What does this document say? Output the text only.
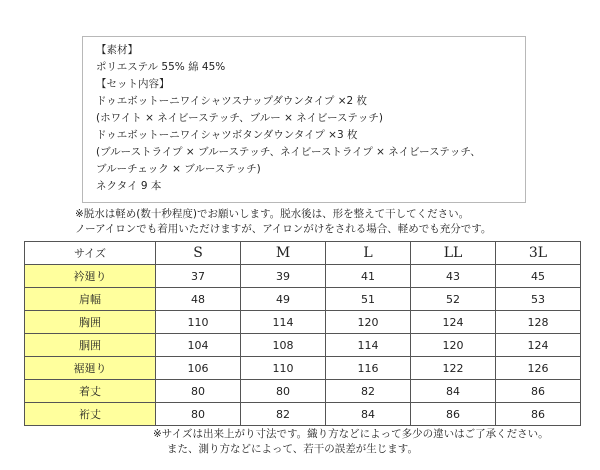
【素材】
ポリエステル 55% 綿 45%
【セット内容】
ドゥエボットーニワイシャツスナップダウンタイプ ×2 枚
(ホワイト × ネイビーステッチ、ブルー × ネイビーステッチ)
ドゥエボットーニワイシャツボタンダウンタイプ ×3 枚
(ブルーストライプ × ブルーステッチ、ネイビーストライプ × ネイビーステッチ、
ブルーチェック × ブルーステッチ)
ネクタイ 9 本
※脱水は軽め(数十秒程度)でお願いします。脱水後は、形を整えて干してください。
ノーアイロンでも着用いただけますが、アイロンがけをされる場合、軽めでも充分です。
サイズ	S	M	L	LL	3L
衿廻り	37	39	41	43	45
肩幅	48	49	51	52	53
胸囲	110	114	120	124	128
胴囲	104	108	114	120	124
裾廻り	106	110	116	122	126
着丈	80	80	82	84	86
裄丈	80	82	84	86	86
※サイズは出来上がり寸法です。織り方などによって多少の違いはご了承ください。
また、測り方などによって、若干の誤差が生じます。
